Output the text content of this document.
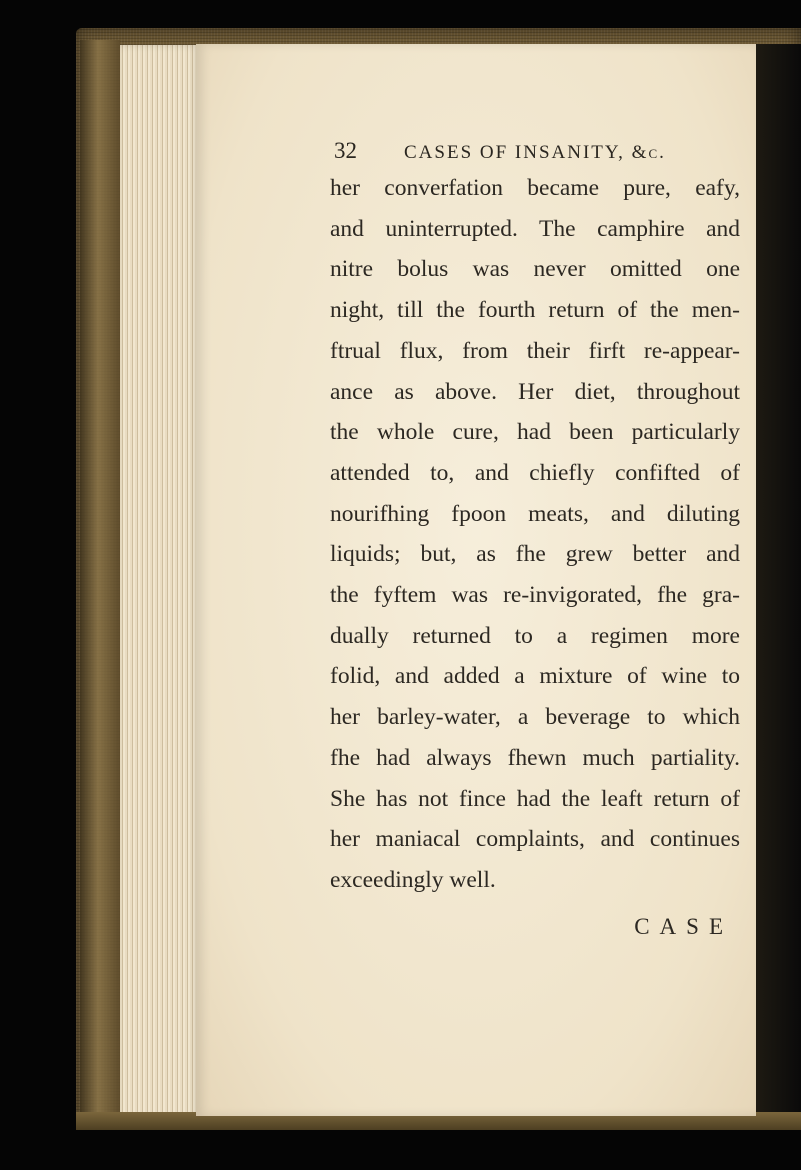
32	CASES OF INSANITY, &c.
her converfation became pure, eafy,
and uninterrupted. The camphire and
nitre bolus was never omitted one
night, till the fourth return of the men-
ftrual flux, from their firft re-appear-
ance as above. Her diet, throughout
the whole cure, had been particularly
attended to, and chiefly confifted of
nourifhing fpoon meats, and diluting
liquids; but, as fhe grew better and
the fyftem was re-invigorated, fhe gra-
dually returned to a regimen more
folid, and added a mixture of wine to
her barley-water, a beverage to which
fhe had always fhewn much partiality.
She has not fince had the leaft return of
her maniacal complaints, and continues
exceedingly well.
CASE
